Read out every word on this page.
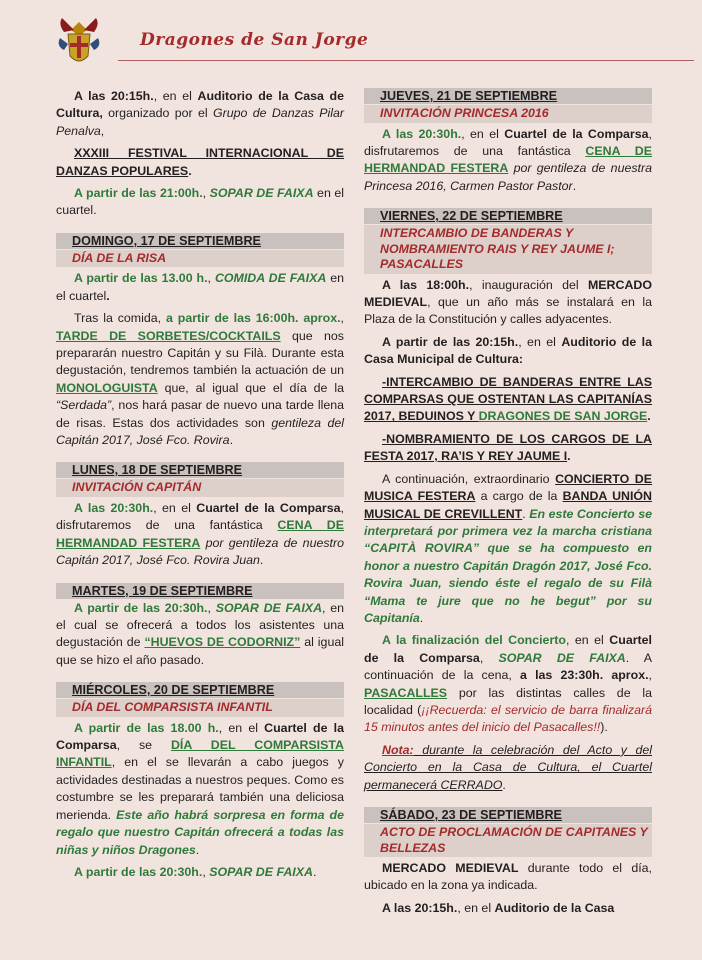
Dragones de San Jorge

A las 20:15h., en el Auditorio de la Casa de Cultura, organizado por el Grupo de Danzas Pilar Penalva,

XXXIII FESTIVAL INTERNACIONAL DE DANZAS POPULARES.

A partir de las 21:00h., SOPAR DE FAIXA en el cuartel.

DOMINGO, 17 DE SEPTIEMBRE
DÍA DE LA RISA

A partir de las 13.00 h., COMIDA DE FAIXA en el cuartel.

Tras la comida, a partir de las 16:00h. aprox., TARDE DE SORBETES/COCKTAILS que nos prepararán nuestro Capitán y su Filà. Durante esta degustación, tendremos también la actuación de un MONOLOGUISTA que, al igual que el día de la “Serdada”, nos hará pasar de nuevo una tarde llena de risas. Estas dos actividades son gentileza del Capitán 2017, José Fco. Rovira.

LUNES, 18 DE SEPTIEMBRE
INVITACIÓN CAPITÁN

A las 20:30h., en el Cuartel de la Comparsa, disfrutaremos de una fantástica CENA DE HERMANDAD FESTERA por gentileza de nuestro Capitán 2017, José Fco. Rovira Juan.

MARTES, 19 DE SEPTIEMBRE

A partir de las 20:30h., SOPAR DE FAIXA, en el cual se ofrecerá a todos los asistentes una degustación de “HUEVOS DE CODORNIZ” al igual que se hizo el año pasado.

MIÉRCOLES, 20 DE SEPTIEMBRE
DÍA DEL COMPARSISTA INFANTIL

A partir de las 18.00 h., en el Cuartel de la Comparsa, se DÍA DEL COMPARSISTA INFANTIL, en el se llevarán a cabo juegos y actividades destinadas a nuestros peques. Como es costumbre se les preparará también una deliciosa merienda. Este año habrá sorpresa en forma de regalo que nuestro Capitán ofrecerá a todas las niñas y niños Dragones.

A partir de las 20:30h., SOPAR DE FAIXA.

JUEVES, 21 DE SEPTIEMBRE
INVITACIÓN PRINCESA 2016

A las 20:30h., en el Cuartel de la Comparsa, disfrutaremos de una fantástica CENA DE HERMANDAD FESTERA por gentileza de nuestra Princesa 2016, Carmen Pastor Pastor.

VIERNES, 22 DE SEPTIEMBRE
INTERCAMBIO DE BANDERAS Y NOMBRAMIENTO RAIS Y REY JAUME I; PASACALLES

A las 18:00h., inauguración del MERCADO MEDIEVAL, que un año más se instalará en la Plaza de la Constitución y calles adyacentes.

A partir de las 20:15h., en el Auditorio de la Casa Municipal de Cultura:

-INTERCAMBIO DE BANDERAS ENTRE LAS COMPARSAS QUE OSTENTAN LAS CAPITANÍAS 2017, BEDUINOS Y DRAGONES DE SAN JORGE.

-NOMBRAMIENTO DE LOS CARGOS DE LA FESTA 2017, RA’IS Y REY JAUME I.

A continuación, extraordinario CONCIERTO DE MUSICA FESTERA a cargo de la BANDA UNIÓN MUSICAL DE CREVILLENT. En este Concierto se interpretará por primera vez la marcha cristiana “CAPITÀ ROVIRA” que se ha compuesto en honor a nuestro Capitán Dragón 2017, José Fco. Rovira Juan, siendo éste el regalo de su Filà “Mama te jure que no he begut” por su Capitanía.

A la finalización del Concierto, en el Cuartel de la Comparsa, SOPAR DE FAIXA. A continuación de la cena, a las 23:30h. aprox., PASACALLES por las distintas calles de la localidad (¡¡Recuerda: el servicio de barra finalizará 15 minutos antes del inicio del Pasacalles!!).

Nota: durante la celebración del Acto y del Concierto en la Casa de Cultura, el Cuartel permanecerá CERRADO.

SÁBADO, 23 DE SEPTIEMBRE
ACTO DE PROCLAMACIÓN DE CAPITANES Y BELLEZAS

MERCADO MEDIEVAL durante todo el día, ubicado en la zona ya indicada.

A las 20:15h., en el Auditorio de la Casa
